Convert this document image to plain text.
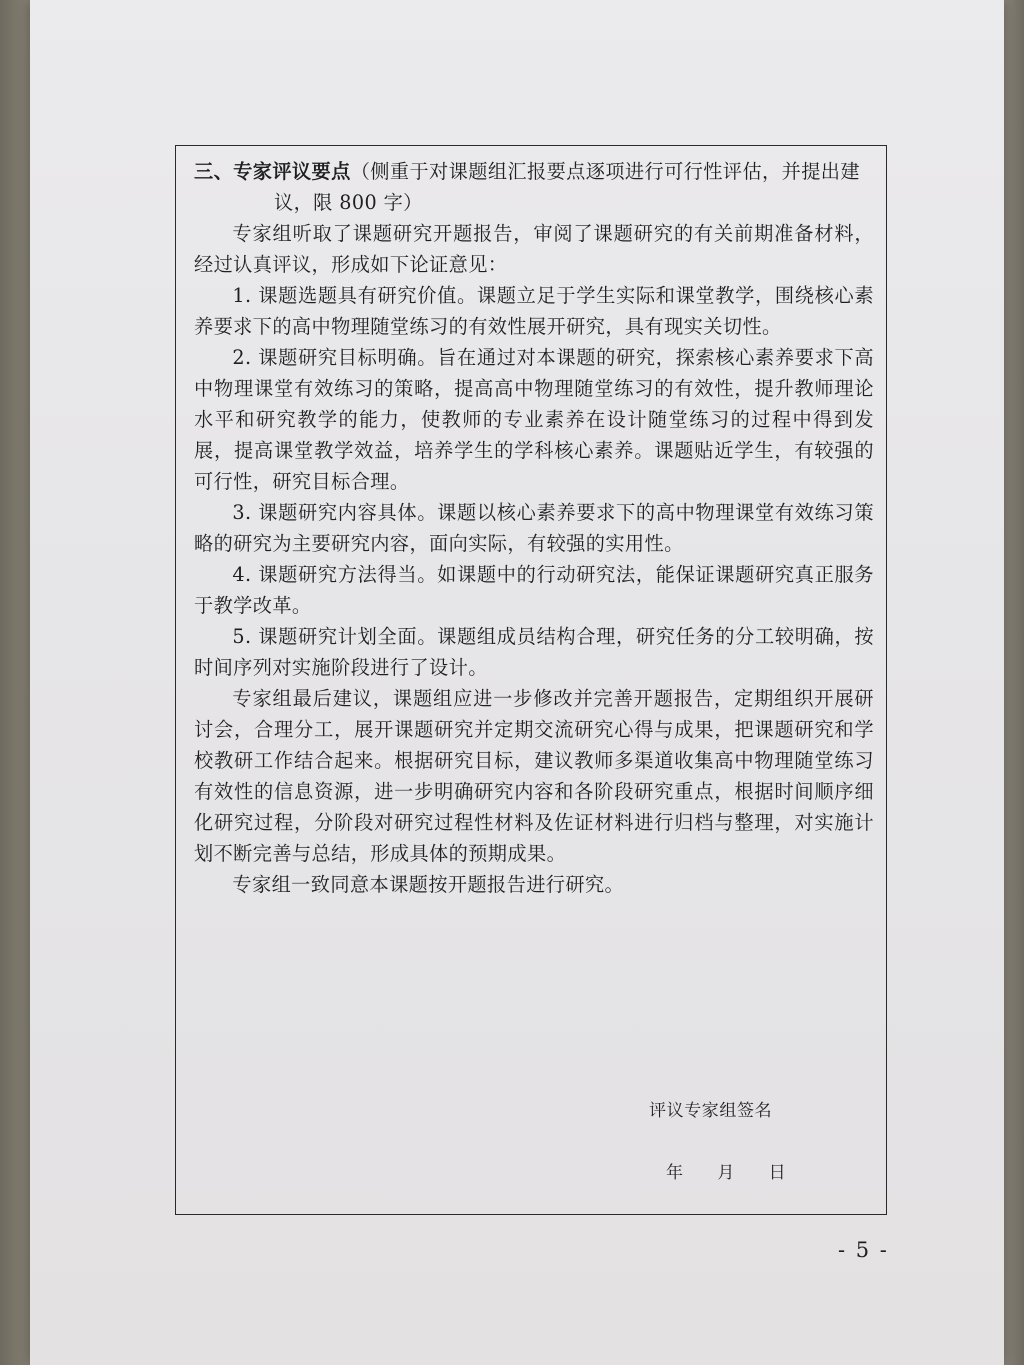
三、专家评议要点（侧重于对课题组汇报要点逐项进行可行性评估，并提出建

议，限 800 字）

专家组听取了课题研究开题报告，审阅了课题研究的有关前期准备材料，经过认真评议，形成如下论证意见：

1. 课题选题具有研究价值。课题立足于学生实际和课堂教学，围绕核心素养要求下的高中物理随堂练习的有效性展开研究，具有现实关切性。

2. 课题研究目标明确。旨在通过对本课题的研究，探索核心素养要求下高中物理课堂有效练习的策略，提高高中物理随堂练习的有效性，提升教师理论水平和研究教学的能力，使教师的专业素养在设计随堂练习的过程中得到发展，提高课堂教学效益，培养学生的学科核心素养。课题贴近学生，有较强的可行性，研究目标合理。

3. 课题研究内容具体。课题以核心素养要求下的高中物理课堂有效练习策略的研究为主要研究内容，面向实际，有较强的实用性。

4. 课题研究方法得当。如课题中的行动研究法，能保证课题研究真正服务于教学改革。

5. 课题研究计划全面。课题组成员结构合理，研究任务的分工较明确，按时间序列对实施阶段进行了设计。

专家组最后建议，课题组应进一步修改并完善开题报告，定期组织开展研讨会，合理分工，展开课题研究并定期交流研究心得与成果，把课题研究和学校教研工作结合起来。根据研究目标，建议教师多渠道收集高中物理随堂练习有效性的信息资源，进一步明确研究内容和各阶段研究重点，根据时间顺序细化研究过程，分阶段对研究过程性材料及佐证材料进行归档与整理，对实施计划不断完善与总结，形成具体的预期成果。

专家组一致同意本课题按开题报告进行研究。

评议专家组签名
年 月 日
- 5 -
